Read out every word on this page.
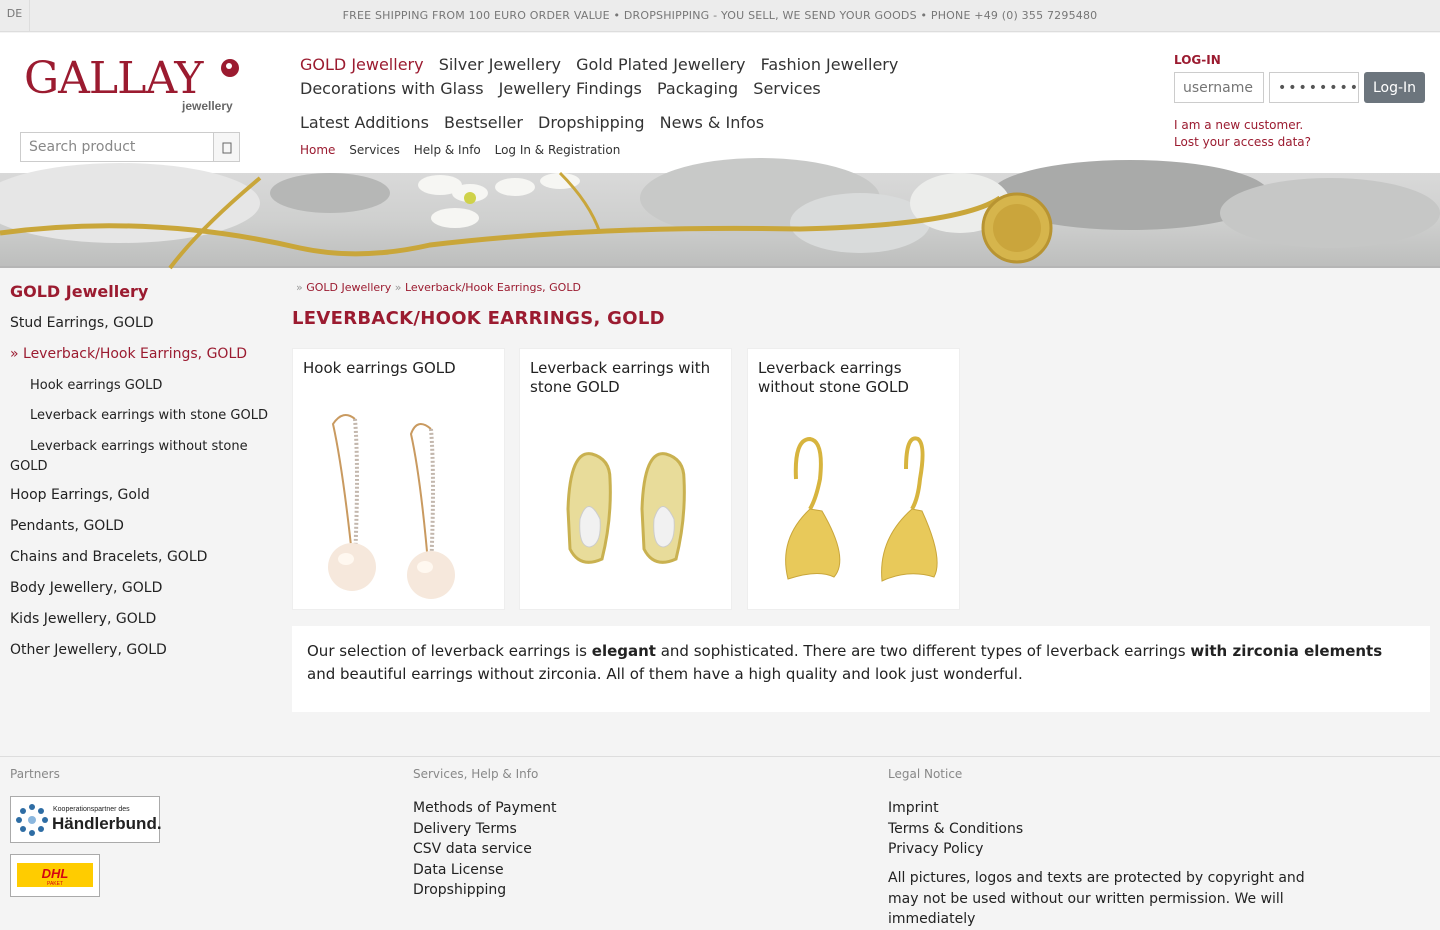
FREE SHIPPING FROM 100 EURO ORDER VALUE • DROPSHIPPING - YOU SELL, WE SEND YOUR GOODS • PHONE +49 (0) 355 7295480
DE
GALLAY
jewellery
Search product
GOLD Jewellery Silver Jewellery Gold Plated Jewellery Fashion Jewellery Decorations with Glass Jewellery Findings Packaging Services
Latest Additions Bestseller Dropshipping News & Infos
Home Services Help & Info Log In & Registration
LOG-IN
username
••••••••
Log-In
I am a new customer.
Lost your access data?
GOLD Jewellery
Stud Earrings, GOLD
» Leverback/Hook Earrings, GOLD
Hook earrings GOLD
Leverback earrings with stone GOLD
Leverback earrings without stone GOLD
Hoop Earrings, Gold
Pendants, GOLD
Chains and Bracelets, GOLD
Body Jewellery, GOLD
Kids Jewellery, GOLD
Other Jewellery, GOLD
» GOLD Jewellery » Leverback/Hook Earrings, GOLD
LEVERBACK/HOOK EARRINGS, GOLD
Hook earrings GOLD	Leverback earrings with stone GOLD
Leverback earrings without stone GOLD
Our selection of leverback earrings is elegant and sophisticated. There are two different types of leverback earrings with zirconia elements and beautiful earrings without zirconia. All of them have a high quality and look just wonderful.
Partners
Kooperationspartner des
Händlerbund.
DHL
PAKET
Services, Help & Info
Methods of Payment
Delivery Terms
CSV data service
Data License
Dropshipping
Legal Notice
Imprint
Terms & Conditions
Privacy Policy
All pictures, logos and texts are protected by copyright and may not be used without our written permission. We will immediately
